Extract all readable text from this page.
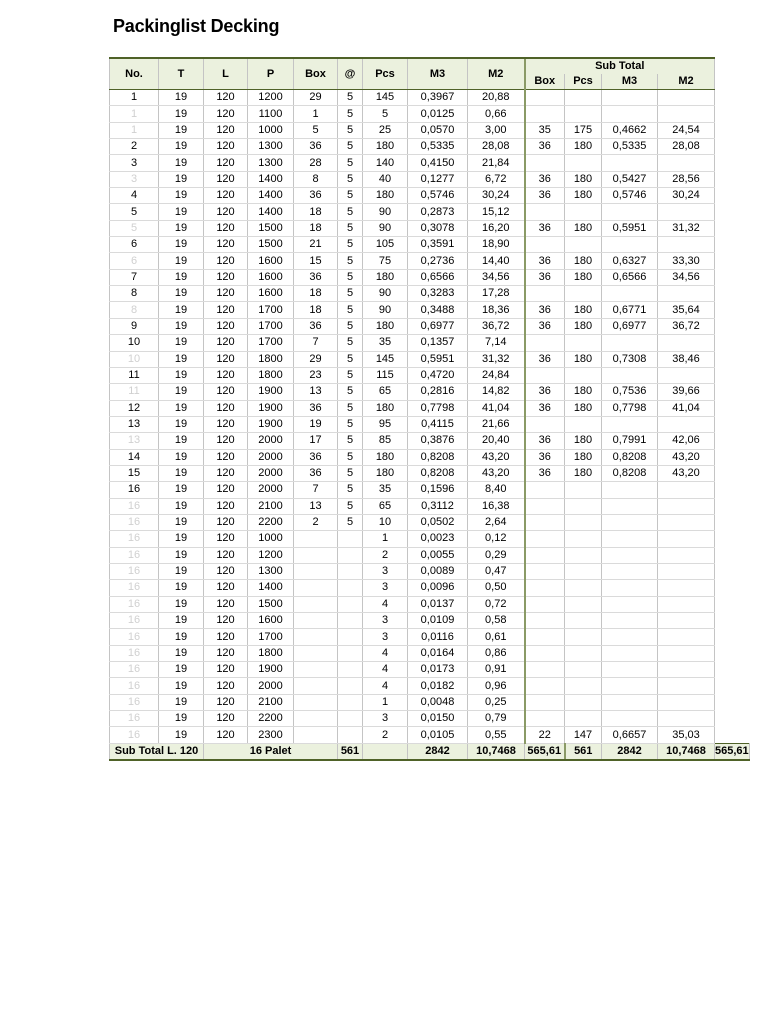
Packinglist Decking
No.	T	L	P	Box	@	Pcs	M3	M2	Sub Total				
									Box	Pcs	M3	M2	
1	19	120	1200	29	5	145	0,3967	20,88					
1	19	120	1100	1	5	5	0,0125	0,66					
1	19	120	1000	5	5	25	0,0570	3,00	35	175	0,4662	24,54	
2	19	120	1300	36	5	180	0,5335	28,08	36	180	0,5335	28,08	
3	19	120	1300	28	5	140	0,4150	21,84					
3	19	120	1400	8	5	40	0,1277	6,72	36	180	0,5427	28,56	
4	19	120	1400	36	5	180	0,5746	30,24	36	180	0,5746	30,24	
5	19	120	1400	18	5	90	0,2873	15,12					
5	19	120	1500	18	5	90	0,3078	16,20	36	180	0,5951	31,32	
6	19	120	1500	21	5	105	0,3591	18,90					
6	19	120	1600	15	5	75	0,2736	14,40	36	180	0,6327	33,30	
7	19	120	1600	36	5	180	0,6566	34,56	36	180	0,6566	34,56	
8	19	120	1600	18	5	90	0,3283	17,28					
8	19	120	1700	18	5	90	0,3488	18,36	36	180	0,6771	35,64	
9	19	120	1700	36	5	180	0,6977	36,72	36	180	0,6977	36,72	
10	19	120	1700	7	5	35	0,1357	7,14					
10	19	120	1800	29	5	145	0,5951	31,32	36	180	0,7308	38,46	
11	19	120	1800	23	5	115	0,4720	24,84					
11	19	120	1900	13	5	65	0,2816	14,82	36	180	0,7536	39,66	
12	19	120	1900	36	5	180	0,7798	41,04	36	180	0,7798	41,04	
13	19	120	1900	19	5	95	0,4115	21,66					
13	19	120	2000	17	5	85	0,3876	20,40	36	180	0,7991	42,06	
14	19	120	2000	36	5	180	0,8208	43,20	36	180	0,8208	43,20	
15	19	120	2000	36	5	180	0,8208	43,20	36	180	0,8208	43,20	
16	19	120	2000	7	5	35	0,1596	8,40					
16	19	120	2100	13	5	65	0,3112	16,38					
16	19	120	2200	2	5	10	0,0502	2,64					
16	19	120	1000			1	0,0023	0,12					
16	19	120	1200			2	0,0055	0,29					
16	19	120	1300			3	0,0089	0,47					
16	19	120	1400			3	0,0096	0,50					
16	19	120	1500			4	0,0137	0,72					
16	19	120	1600			3	0,0109	0,58					
16	19	120	1700			3	0,0116	0,61					
16	19	120	1800			4	0,0164	0,86					
16	19	120	1900			4	0,0173	0,91					
16	19	120	2000			4	0,0182	0,96					
16	19	120	2100			1	0,0048	0,25					
16	19	120	2200			3	0,0150	0,79					
16	19	120	2300			2	0,0105	0,55	22	147	0,6657	35,03	
Sub Total L. 120		16 Palet			561		2842	10,7468	565,61	561	2842	10,7468	565,61
